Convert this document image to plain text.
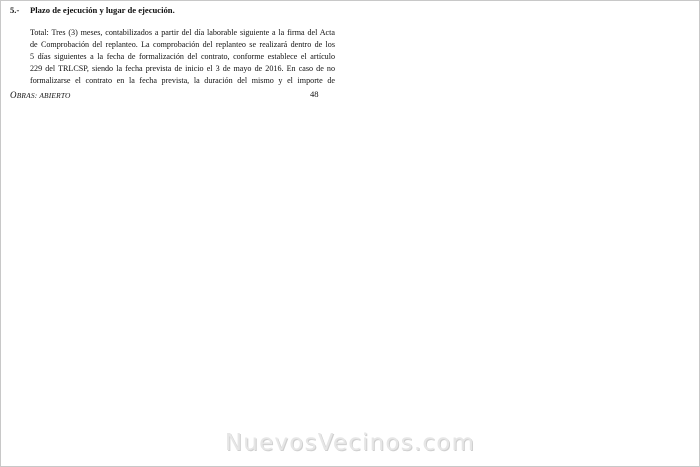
5.- Plazo de ejecución y lugar de ejecución.
Total: Tres (3) meses, contabilizados a partir del día laborable siguiente a la firma del Acta
de Comprobación del replanteo. La comprobación del replanteo se realizará dentro de los
5 días siguientes a la fecha de formalización del contrato, conforme establece el artículo
229 del TRLCSP, siendo la fecha prevista de inicio el 3 de mayo de 2016. En caso de no
formalizarse el contrato en la fecha prevista, la duración del mismo y el importe de
OBRAS: ABIERTO	48
NuevosVecinos.com
